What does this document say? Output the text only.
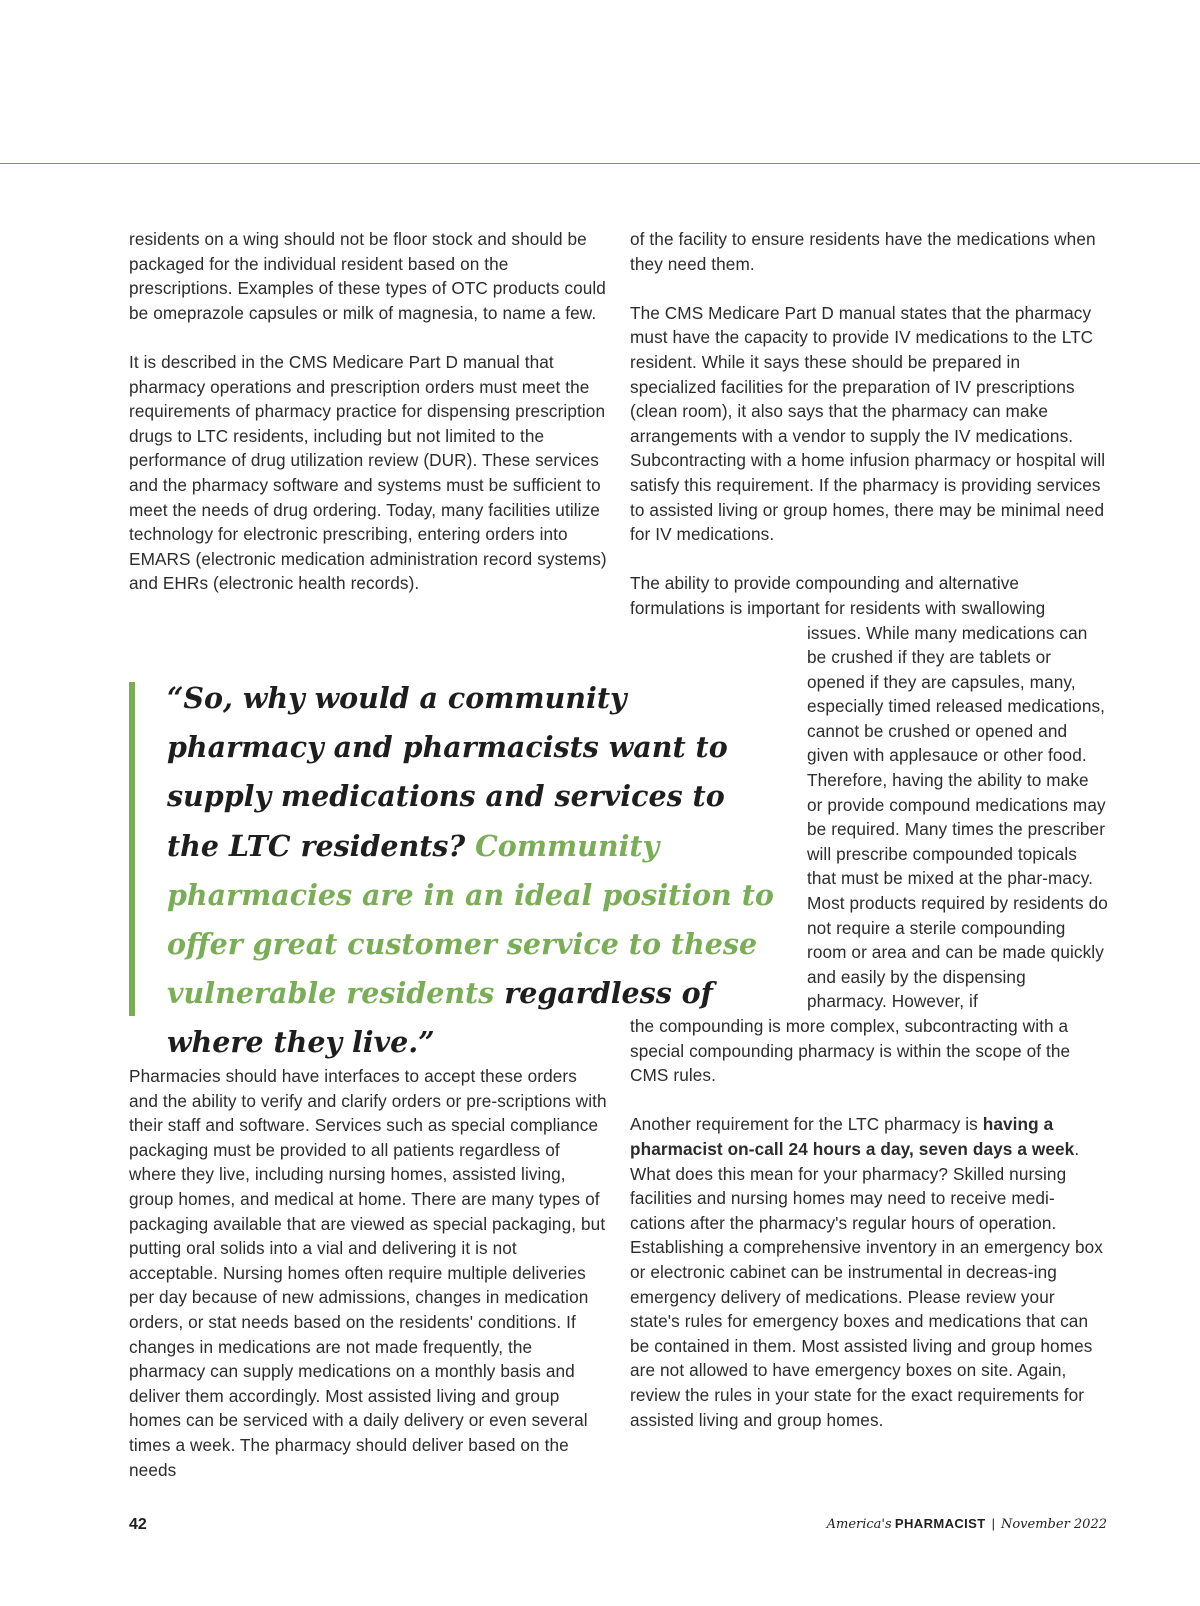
residents on a wing should not be floor stock and should be packaged for the individual resident based on the prescriptions. Examples of these types of OTC products could be omeprazole capsules or milk of magnesia, to name a few.

It is described in the CMS Medicare Part D manual that pharmacy operations and prescription orders must meet the requirements of pharmacy practice for dispensing prescription drugs to LTC residents, including but not limited to the performance of drug utilization review (DUR). These services and the pharmacy software and systems must be sufficient to meet the needs of drug ordering. Today, many facilities utilize technology for electronic prescribing, entering orders into EMARS (electronic medication administration record systems) and EHRs (electronic health records).

“So, why would a community pharmacy and pharmacists want to supply medications and services to the LTC residents? Community pharmacies are in an ideal position to offer great customer service to these vulnerable residents regardless of where they live.”

Pharmacies should have interfaces to accept these orders and the ability to verify and clarify orders or pre-scriptions with their staff and software. Services such as special compliance packaging must be provided to all patients regardless of where they live, including nursing homes, assisted living, group homes, and medical at home. There are many types of packaging available that are viewed as special packaging, but putting oral solids into a vial and delivering it is not acceptable. Nursing homes often require multiple deliveries per day because of new admissions, changes in medication orders, or stat needs based on the residents' conditions. If changes in medications are not made frequently, the pharmacy can supply medications on a monthly basis and deliver them accordingly. Most assisted living and group homes can be serviced with a daily delivery or even several times a week. The pharmacy should deliver based on the needs

of the facility to ensure residents have the medications when they need them.

The CMS Medicare Part D manual states that the pharmacy must have the capacity to provide IV medications to the LTC resident. While it says these should be prepared in specialized facilities for the preparation of IV prescriptions (clean room), it also says that the pharmacy can make arrangements with a vendor to supply the IV medications. Subcontracting with a home infusion pharmacy or hospital will satisfy this requirement. If the pharmacy is providing services to assisted living or group homes, there may be minimal need for IV medications.

The ability to provide compounding and alternative formulations is important for residents with swallowing

issues. While many medications can be crushed if they are tablets or opened if they are capsules, many, especially timed released medications, cannot be crushed or opened and given with applesauce or other food. Therefore, having the ability to make or provide compound medications may be required. Many times the prescriber will prescribe compounded topicals that must be mixed at the phar-macy. Most products required by residents do not require a sterile compounding room or area and can be made quickly and easily by the dispensing pharmacy. However, if

the compounding is more complex, subcontracting with a special compounding pharmacy is within the scope of the CMS rules.

Another requirement for the LTC pharmacy is having a pharmacist on-call 24 hours a day, seven days a week. What does this mean for your pharmacy? Skilled nursing facilities and nursing homes may need to receive medi-cations after the pharmacy's regular hours of operation. Establishing a comprehensive inventory in an emergency box or electronic cabinet can be instrumental in decreas-ing emergency delivery of medications. Please review your state's rules for emergency boxes and medications that can be contained in them. Most assisted living and group homes are not allowed to have emergency boxes on site. Again, review the rules in your state for the exact requirements for assisted living and group homes.

42	America's PHARMACIST | November 2022
